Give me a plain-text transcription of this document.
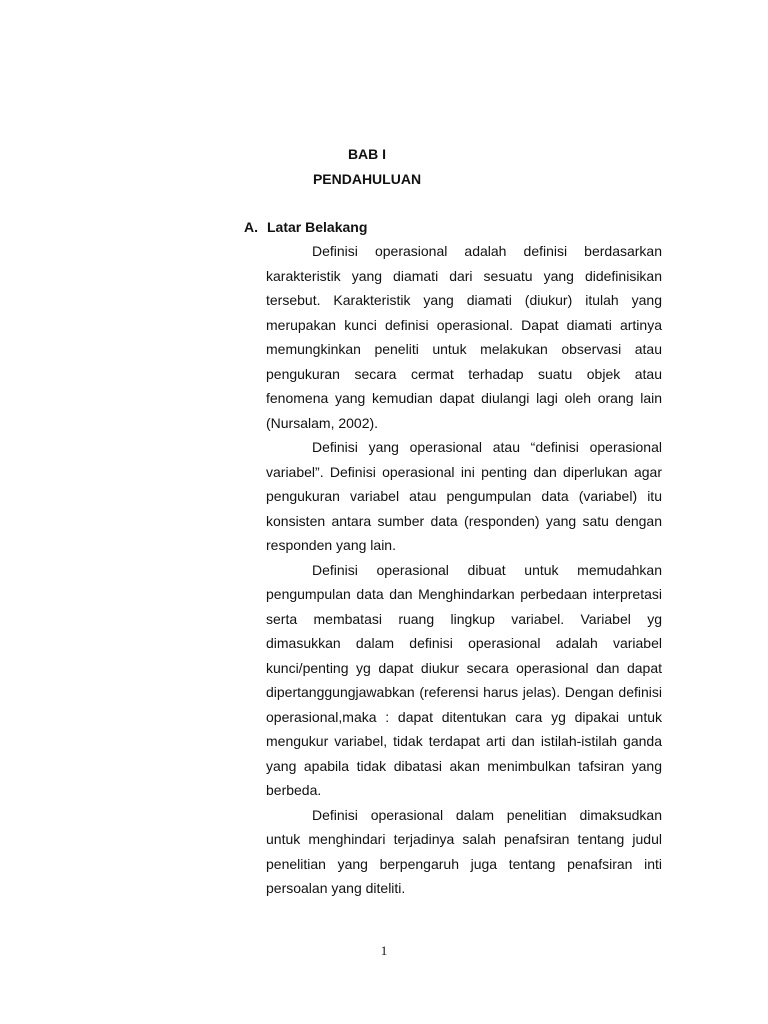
BAB I
PENDAHULUAN
A. Latar Belakang

Definisi operasional adalah definisi berdasarkan karakteristik yang diamati dari sesuatu yang didefinisikan tersebut. Karakteristik yang diamati (diukur) itulah yang merupakan kunci definisi operasional. Dapat diamati artinya memungkinkan peneliti untuk melakukan observasi atau pengukuran secara cermat terhadap suatu objek atau fenomena yang kemudian dapat diulangi lagi oleh orang lain (Nursalam, 2002).

Definisi yang operasional atau “definisi operasional variabel”. Definisi operasional ini penting dan diperlukan agar pengukuran variabel atau pengumpulan data (variabel) itu konsisten antara sumber data (responden) yang satu dengan responden yang lain.

Definisi operasional dibuat untuk memudahkan pengumpulan data dan Menghindarkan perbedaan interpretasi serta membatasi ruang lingkup variabel. Variabel yg dimasukkan dalam definisi operasional adalah variabel kunci/penting yg dapat diukur secara operasional dan dapat dipertanggungjawabkan (referensi harus jelas). Dengan definisi operasional,maka : dapat ditentukan cara yg dipakai untuk mengukur variabel, tidak terdapat arti dan istilah-istilah ganda yang apabila tidak dibatasi akan menimbulkan tafsiran yang berbeda.

Definisi operasional dalam penelitian dimaksudkan untuk menghindari terjadinya salah penafsiran tentang judul penelitian yang berpengaruh juga tentang penafsiran inti persoalan yang diteliti.

1
